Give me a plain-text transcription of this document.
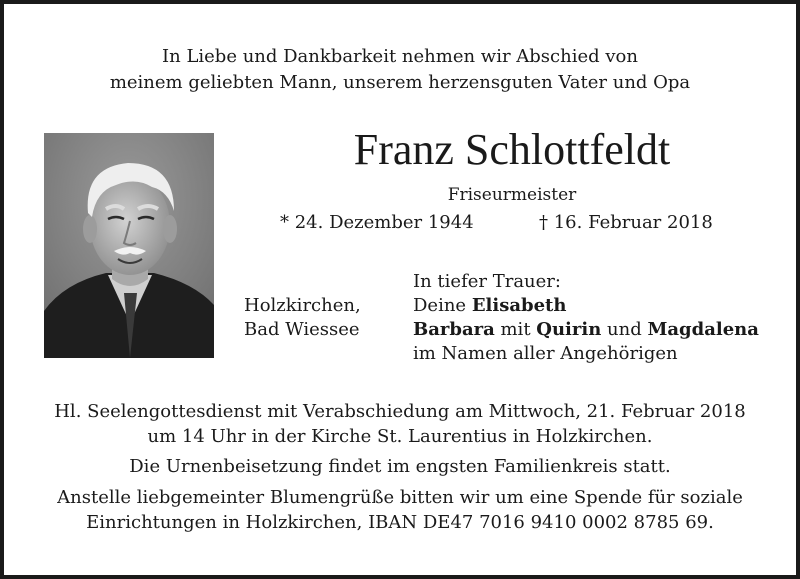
In Liebe und Dankbarkeit nehmen wir Abschied von
meinem geliebten Mann, unserem herzensguten Vater und Opa
Franz Schlottfeldt
Friseurmeister
* 24. Dezember 1944	† 16. Februar 2018
Holzkirchen,
Bad Wiessee
In tiefer Trauer:
Deine Elisabeth
Barbara mit Quirin und Magdalena
im Namen aller Angehörigen
Hl. Seelengottesdienst mit Verabschiedung am Mittwoch, 21. Februar 2018
um 14 Uhr in der Kirche St. Laurentius in Holzkirchen.
Die Urnenbeisetzung findet im engsten Familienkreis statt.
Anstelle liebgemeinter Blumengrüße bitten wir um eine Spende für soziale
Einrichtungen in Holzkirchen, IBAN DE47 7016 9410 0002 8785 69.
